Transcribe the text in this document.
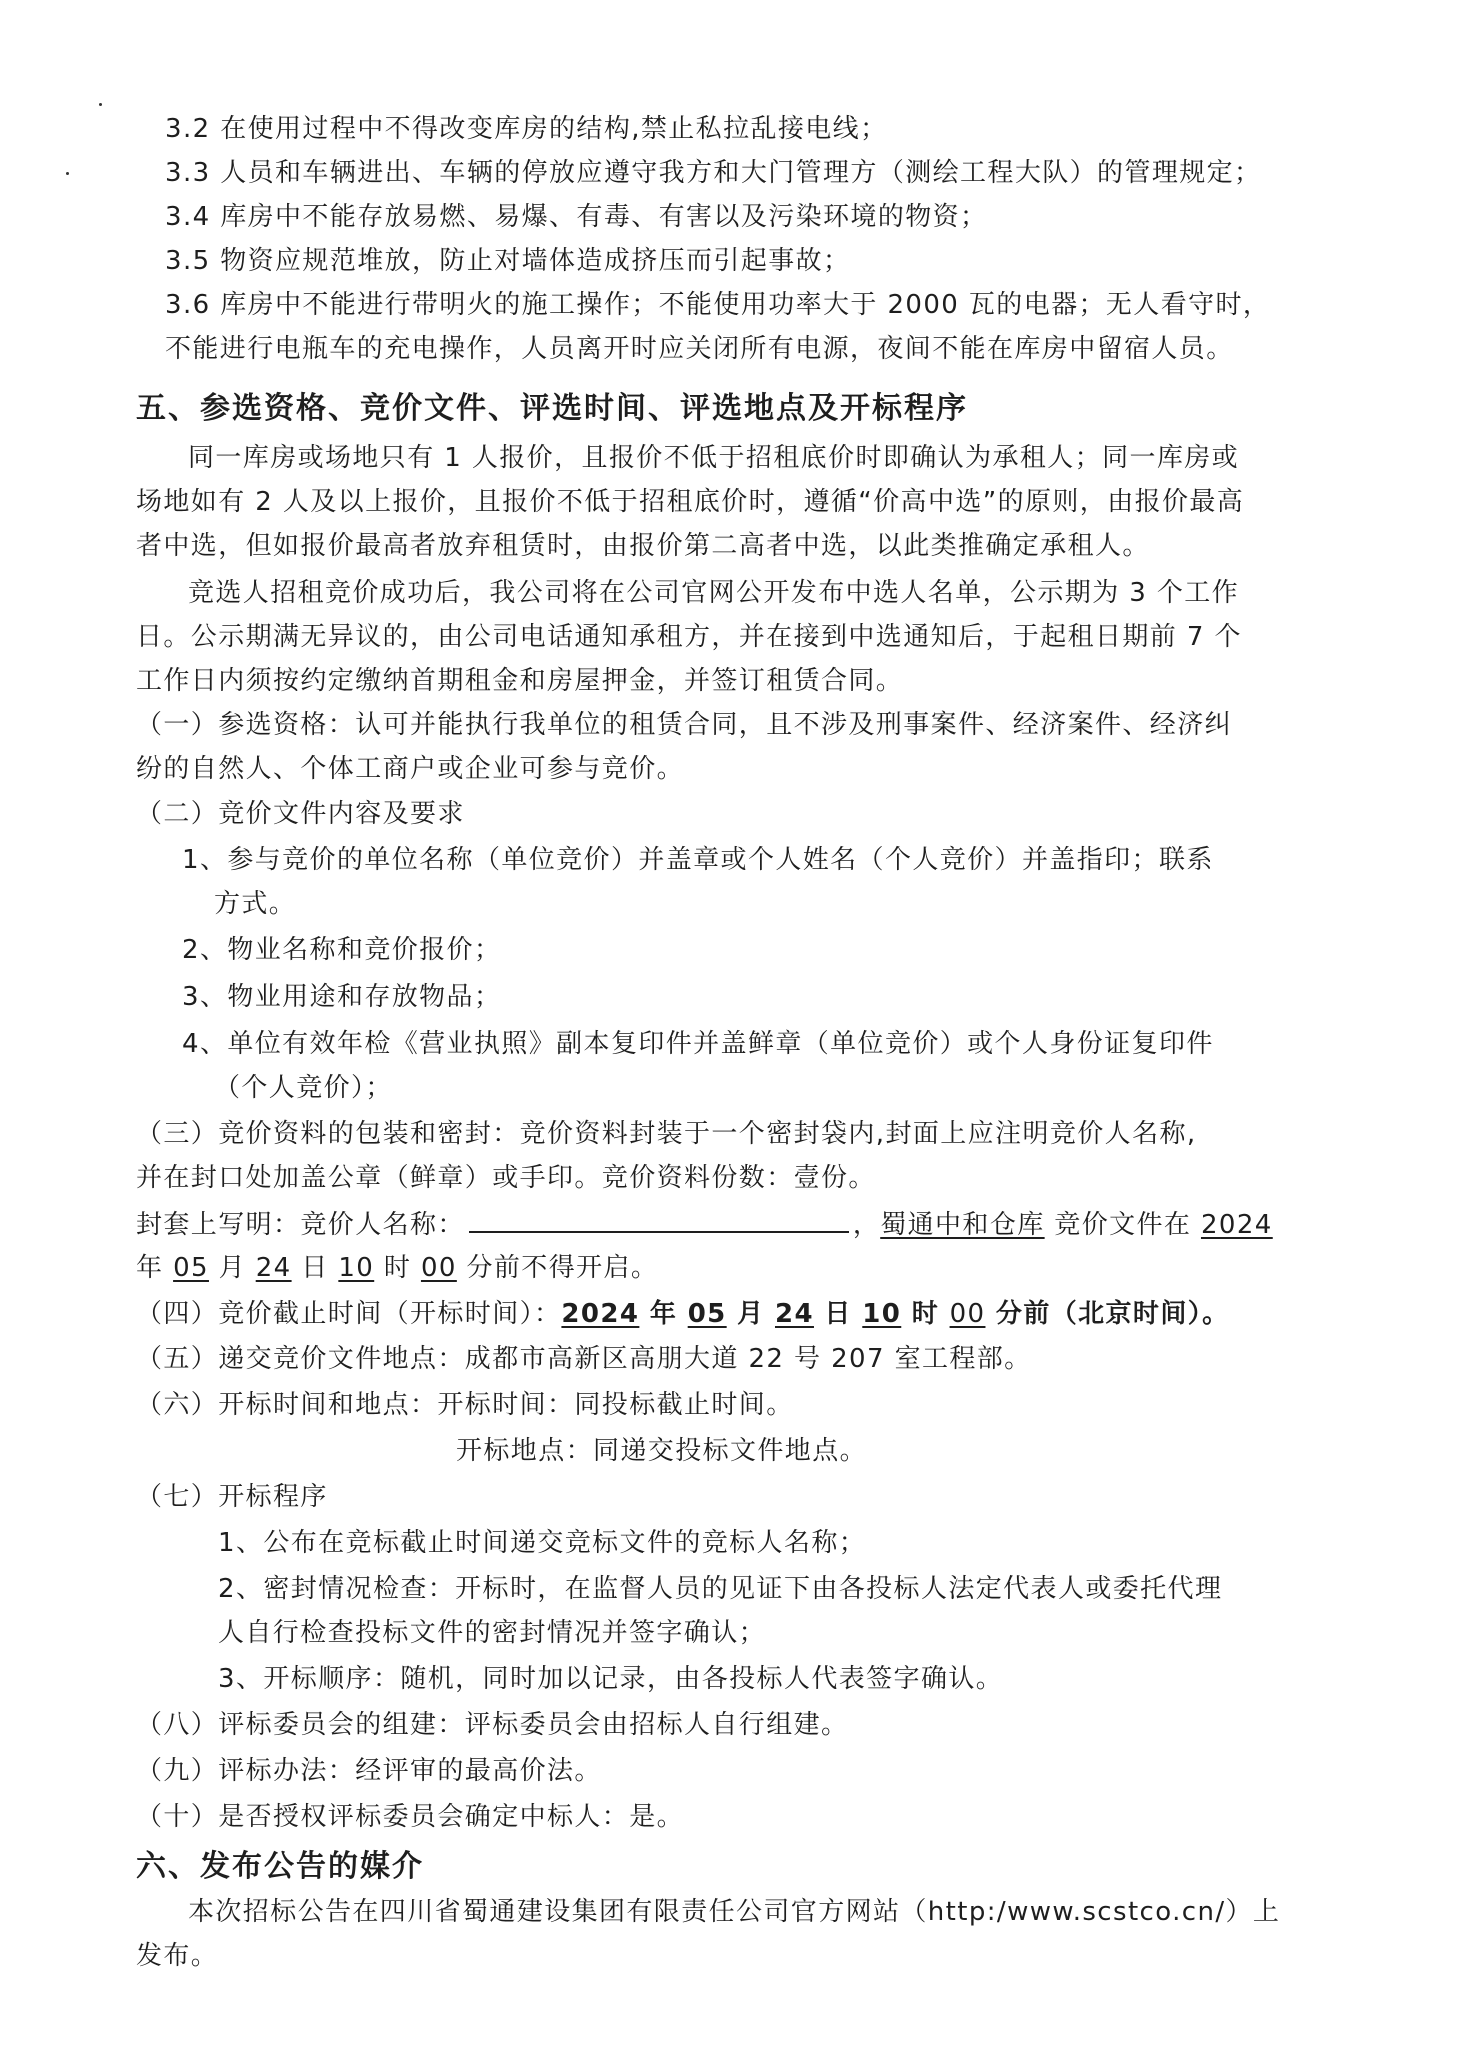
3.2 在使用过程中不得改变库房的结构,禁止私拉乱接电线；
3.3 人员和车辆进出、车辆的停放应遵守我方和大门管理方（测绘工程大队）的管理规定；
3.4 库房中不能存放易燃、易爆、有毒、有害以及污染环境的物资；
3.5 物资应规范堆放，防止对墙体造成挤压而引起事故；
3.6 库房中不能进行带明火的施工操作；不能使用功率大于 2000 瓦的电器；无人看守时，
不能进行电瓶车的充电操作，人员离开时应关闭所有电源，夜间不能在库房中留宿人员。
五、参选资格、竞价文件、评选时间、评选地点及开标程序
同一库房或场地只有 1 人报价，且报价不低于招租底价时即确认为承租人；同一库房或
场地如有 2 人及以上报价，且报价不低于招租底价时，遵循“价高中选”的原则，由报价最高
者中选，但如报价最高者放弃租赁时，由报价第二高者中选，以此类推确定承租人。
竞选人招租竞价成功后，我公司将在公司官网公开发布中选人名单，公示期为 3 个工作
日。公示期满无异议的，由公司电话通知承租方，并在接到中选通知后，于起租日期前 7 个
工作日内须按约定缴纳首期租金和房屋押金，并签订租赁合同。
（一）参选资格：认可并能执行我单位的租赁合同，且不涉及刑事案件、经济案件、经济纠
纷的自然人、个体工商户或企业可参与竞价。
（二）竞价文件内容及要求
1、参与竞价的单位名称（单位竞价）并盖章或个人姓名（个人竞价）并盖指印；联系
方式。
2、物业名称和竞价报价；
3、物业用途和存放物品；
4、单位有效年检《营业执照》副本复印件并盖鲜章（单位竞价）或个人身份证复印件
（个人竞价）；
（三）竞价资料的包装和密封：竞价资料封装于一个密封袋内,封面上应注明竞价人名称,
并在封口处加盖公章（鲜章）或手印。竞价资料份数：壹份。
封套上写明：竞价人名称：	，蜀通中和仓库 竞价文件在 2024
年 05 月 24 日 10 时 00 分前不得开启。
（四）竞价截止时间（开标时间）：2024 年 05 月 24 日 10 时 00 分前（北京时间）。
（五）递交竞价文件地点：成都市高新区高朋大道 22 号 207 室工程部。
（六）开标时间和地点：开标时间：同投标截止时间。
开标地点：同递交投标文件地点。
（七）开标程序
1、公布在竞标截止时间递交竞标文件的竞标人名称；
2、密封情况检查：开标时，在监督人员的见证下由各投标人法定代表人或委托代理
人自行检查投标文件的密封情况并签字确认；
3、开标顺序：随机，同时加以记录，由各投标人代表签字确认。
（八）评标委员会的组建：评标委员会由招标人自行组建。
（九）评标办法：经评审的最高价法。
（十）是否授权评标委员会确定中标人：是。
六、发布公告的媒介
本次招标公告在四川省蜀通建设集团有限责任公司官方网站（http:/www.scstco.cn/）上
发布。
